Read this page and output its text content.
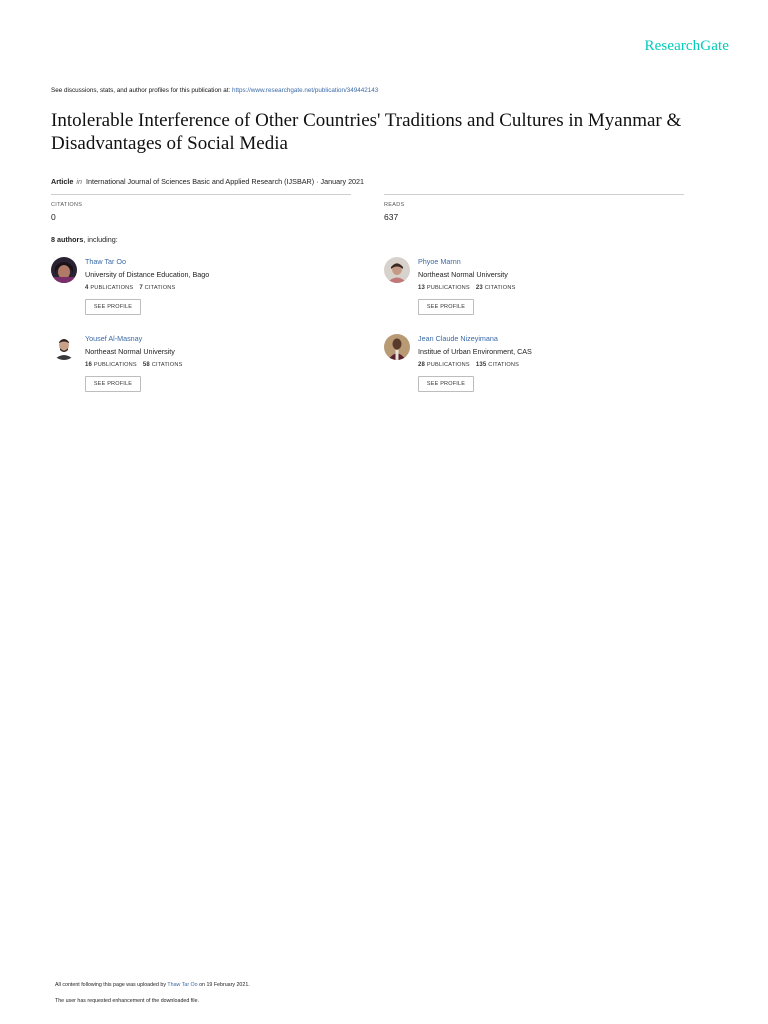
ResearchGate
See discussions, stats, and author profiles for this publication at: https://www.researchgate.net/publication/349442143
Intolerable Interference of Other Countries' Traditions and Cultures in Myanmar & Disadvantages of Social Media
Article in International Journal of Sciences Basic and Applied Research (IJSBAR) · January 2021
CITATIONS
0
READS
637
8 authors, including:
Thaw Tar Oo
University of Distance Education, Bago
4 PUBLICATIONS 7 CITATIONS
SEE PROFILE
Phyoe Marnn
Northeast Normal University
13 PUBLICATIONS 23 CITATIONS
SEE PROFILE
Yousef Al-Masnay
Northeast Normal University
16 PUBLICATIONS 58 CITATIONS
SEE PROFILE
Jean Claude Nizeyimana
Institue of Urban Environment, CAS
28 PUBLICATIONS 135 CITATIONS
SEE PROFILE
All content following this page was uploaded by Thaw Tar Oo on 19 February 2021.
The user has requested enhancement of the downloaded file.
